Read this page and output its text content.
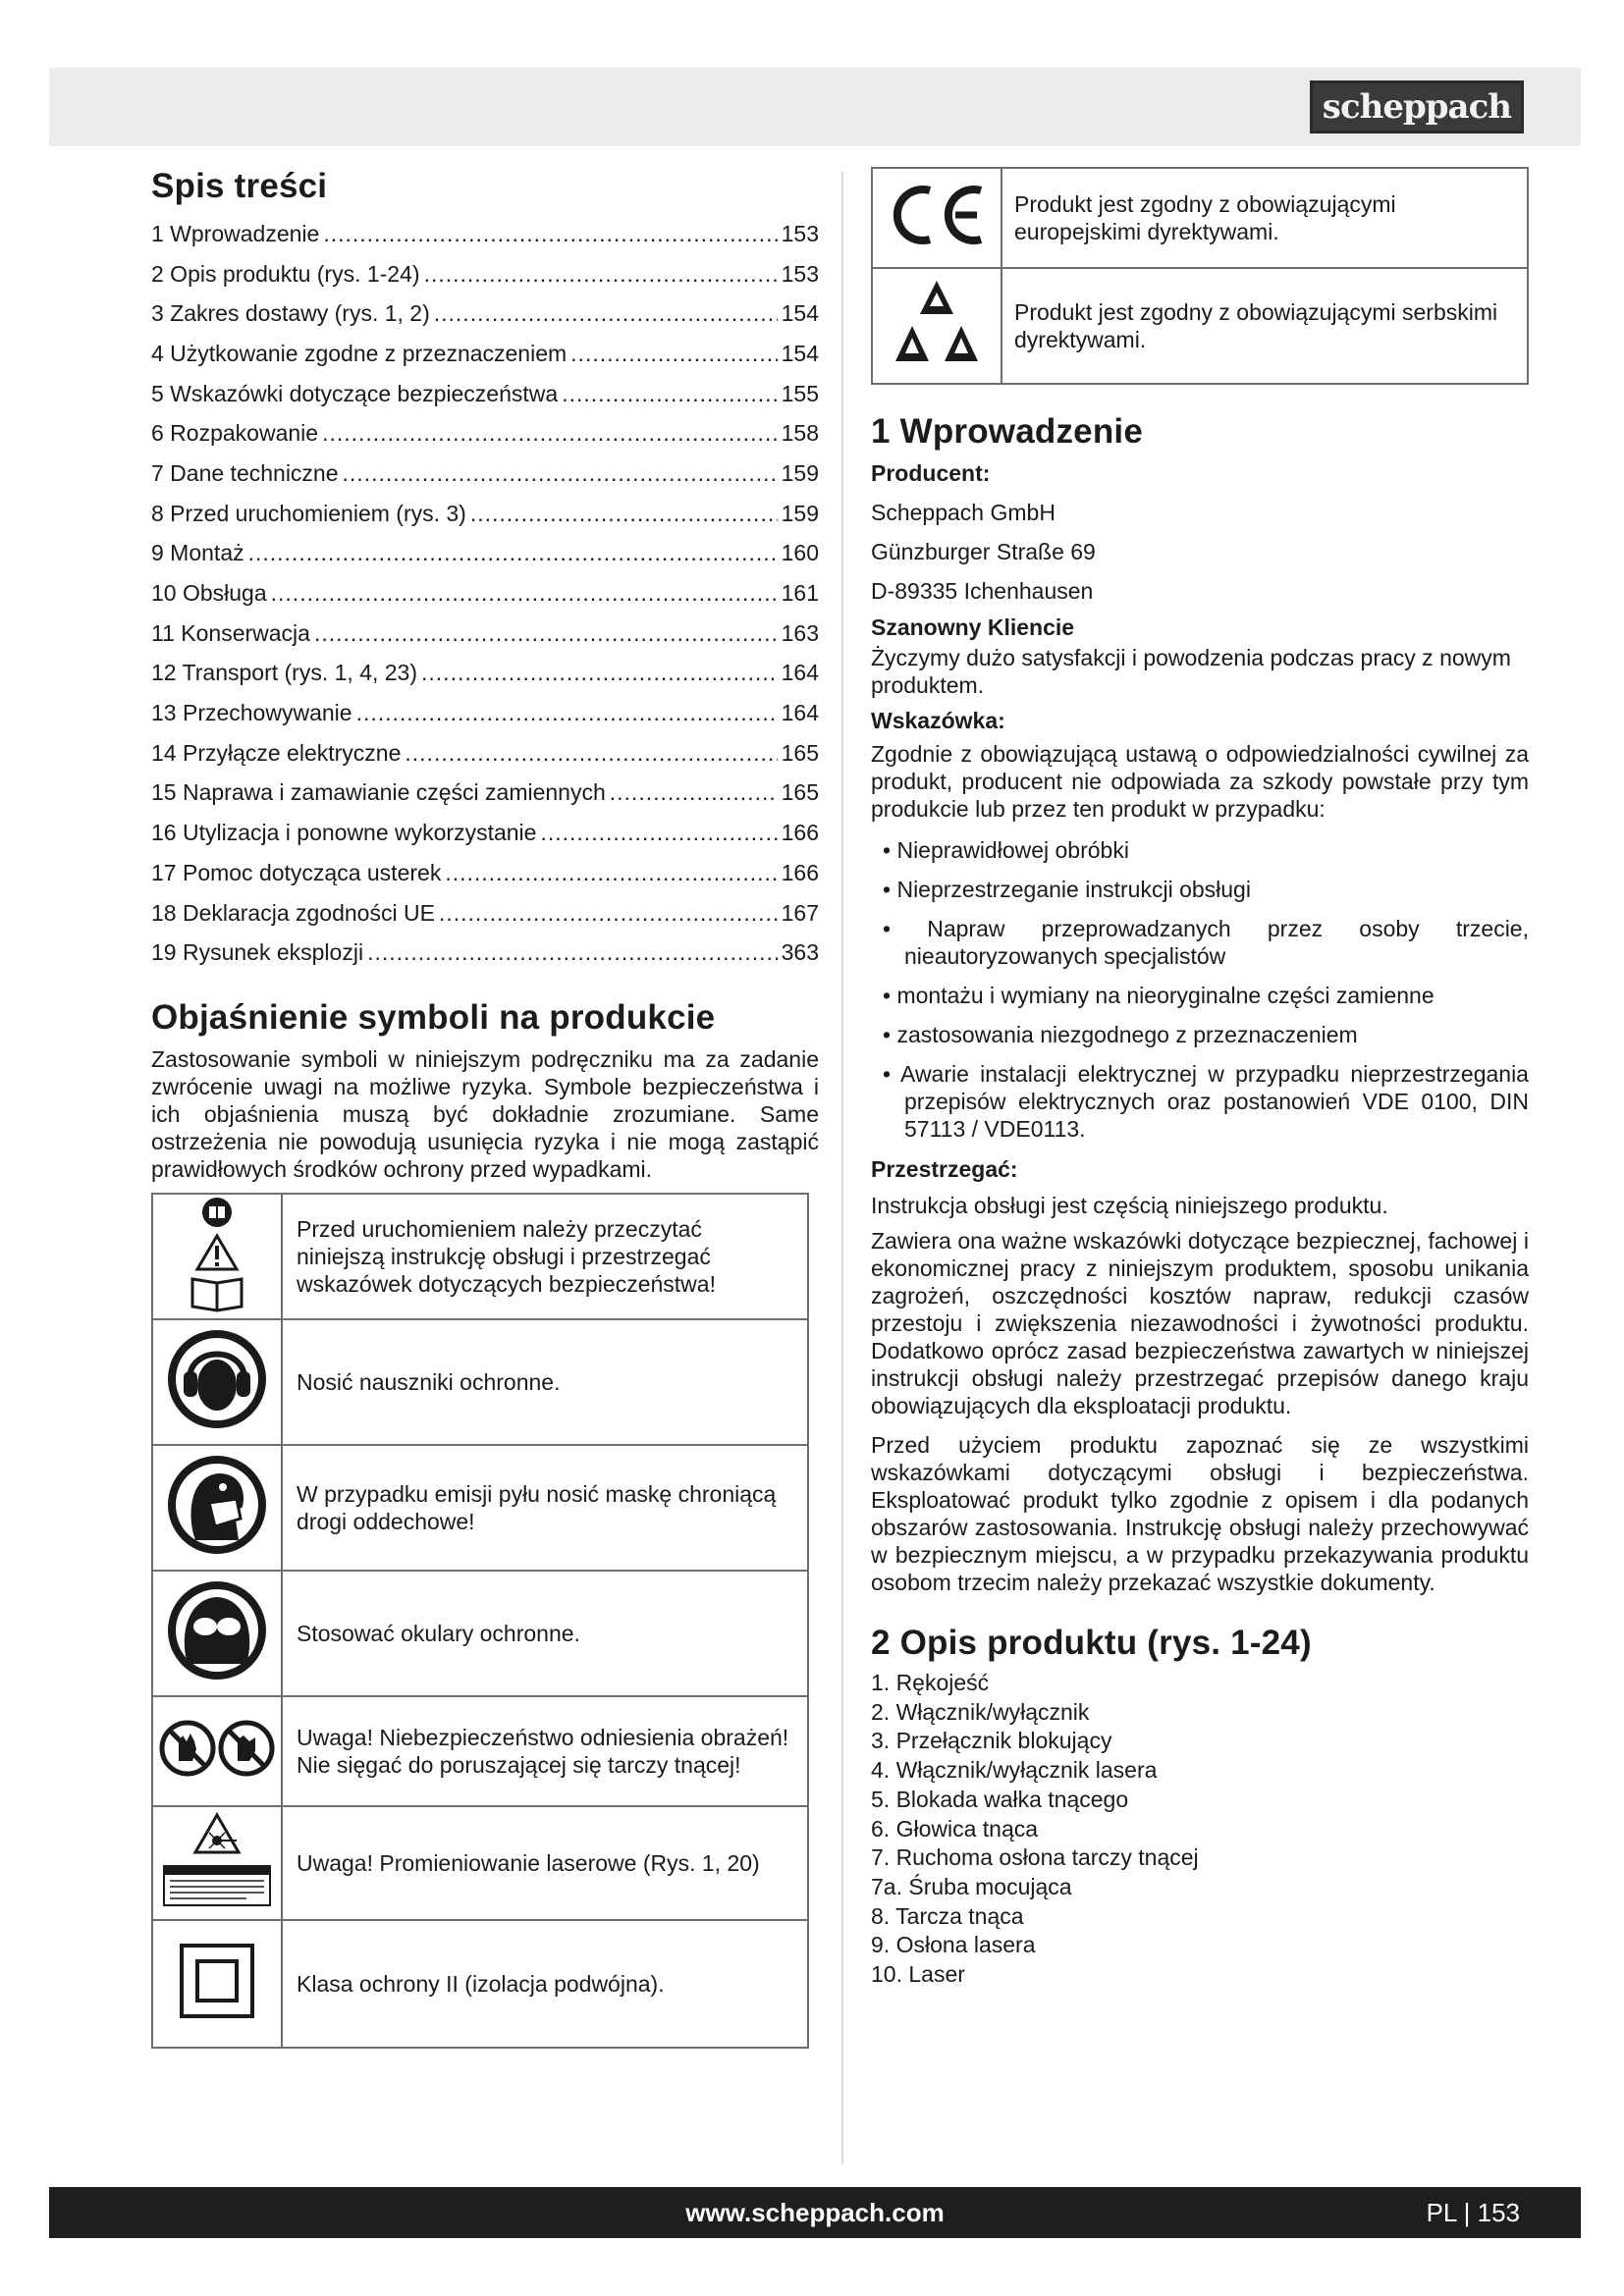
scheppach
Spis treści
1 Wprowadzenie .....	153
2 Opis produktu (rys. 1-24) .....	153
3 Zakres dostawy (rys. 1, 2) .....	154
4 Użytkowanie zgodne z przeznaczeniem .....	154
5 Wskazówki dotyczące bezpieczeństwa .....	155
6 Rozpakowanie .....	158
7 Dane techniczne .....	159
8 Przed uruchomieniem (rys. 3) .....	159
9 Montaż .....	160
10 Obsługa .....	161
11 Konserwacja .....	163
12 Transport (rys. 1, 4, 23) .....	164
13 Przechowywanie .....	164
14 Przyłącze elektryczne .....	165
15 Naprawa i zamawianie części zamiennych .....	165
16 Utylizacja i ponowne wykorzystanie .....	166
17 Pomoc dotycząca usterek .....	166
18 Deklaracja zgodności UE .....	167
19 Rysunek eksplozji .....	363
Objaśnienie symboli na produkcie

Zastosowanie symboli w niniejszym podręczniku ma za zadanie zwrócenie uwagi na możliwe ryzyka. Symbole bezpieczeństwa i ich objaśnienia muszą być dokładnie zrozumiane. Same ostrzeżenia nie powodują usunięcia ryzyka i nie mogą zastąpić prawidłowych środków ochrony przed wypadkami.

	Przed uruchomieniem należy przeczytać niniejszą instrukcję obsługi i przestrzegać wskazówek dotyczących bezpieczeństwa!
	Nosić nauszniki ochronne.
	W przypadku emisji pyłu nosić maskę chroniącą drogi oddechowe!
	Stosować okulary ochronne.
	Uwaga! Niebezpieczeństwo odniesienia obrażeń! Nie sięgać do poruszającej się tarczy tnącej!
	Uwaga! Promieniowanie laserowe (Rys. 1, 20)
	Klasa ochrony II (izolacja podwójna).
	Produkt jest zgodny z obowiązującymi europejskimi dyrektywami.
	Produkt jest zgodny z obowiązującymi serbskimi dyrektywami.
1 Wprowadzenie
Producent:
Scheppach GmbH
Günzburger Straße 69
D-89335 Ichenhausen
Szanowny Kliencie

Życzymy dużo satysfakcji i powodzenia podczas pracy z nowym produktem.

Wskazówka:

Zgodnie z obowiązującą ustawą o odpowiedzialności cywilnej za produkt, producent nie odpowiada za szkody powstałe przy tym produkcie lub przez ten produkt w przypadku:

• Nieprawidłowej obróbki
• Nieprzestrzeganie instrukcji obsługi
• Napraw przeprowadzanych przez osoby trzecie, nieautoryzowanych specjalistów
• montażu i wymiany na nieoryginalne części zamienne
• zastosowania niezgodnego z przeznaczeniem
• Awarie instalacji elektrycznej w przypadku nieprzestrzegania przepisów elektrycznych oraz postanowień VDE 0100, DIN 57113 / VDE0113.
Przestrzegać:

Instrukcja obsługi jest częścią niniejszego produktu.

Zawiera ona ważne wskazówki dotyczące bezpiecznej, fachowej i ekonomicznej pracy z niniejszym produktem, sposobu unikania zagrożeń, oszczędności kosztów napraw, redukcji czasów przestoju i zwiększenia niezawodności i żywotności produktu. Dodatkowo oprócz zasad bezpieczeństwa zawartych w niniejszej instrukcji obsługi należy przestrzegać przepisów danego kraju obowiązujących dla eksploatacji produktu.

Przed użyciem produktu zapoznać się ze wszystkimi wskazówkami dotyczącymi obsługi i bezpieczeństwa. Eksploatować produkt tylko zgodnie z opisem i dla podanych obszarów zastosowania. Instrukcję obsługi należy przechowywać w bezpiecznym miejscu, a w przypadku przekazywania produktu osobom trzecim należy przekazać wszystkie dokumenty.

2 Opis produktu (rys. 1-24)
1. Rękojeść
2. Włącznik/wyłącznik
3. Przełącznik blokujący
4. Włącznik/wyłącznik lasera
5. Blokada wałka tnącego
6. Głowica tnąca
7. Ruchoma osłona tarczy tnącej
7a. Śruba mocująca
8. Tarcza tnąca
9. Osłona lasera
10. Laser
www.scheppach.com	PL | 153
